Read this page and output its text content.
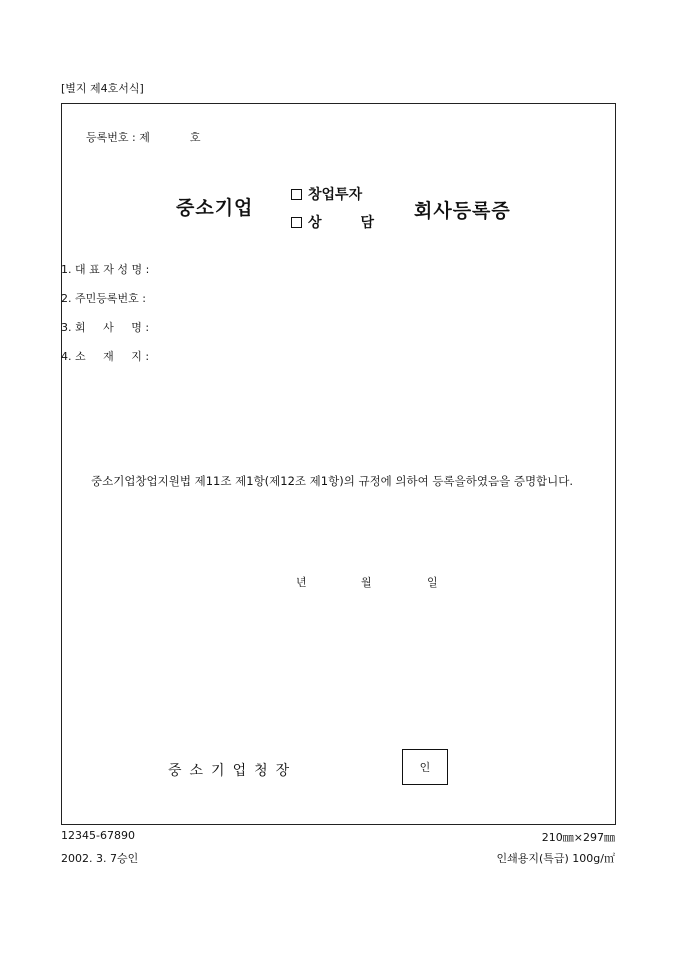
[별지 제4호서식]
등록번호 : 제	호
중소기업
창업투자
상        담
회사등록증
1. 대 표 자 성 명 :
2. 주민등록번호 :
3. 회     사     명 :
4. 소     재     지 :
중소기업창업지원법 제11조 제1항(제12조 제1항)의 규정에 의하여 등록을하였음을 증명합니다.
년	월	일
중소기업청장	인
12345-67890
2002. 3. 7승인
210㎜×297㎜
인쇄용지(특급) 100g/㎡
